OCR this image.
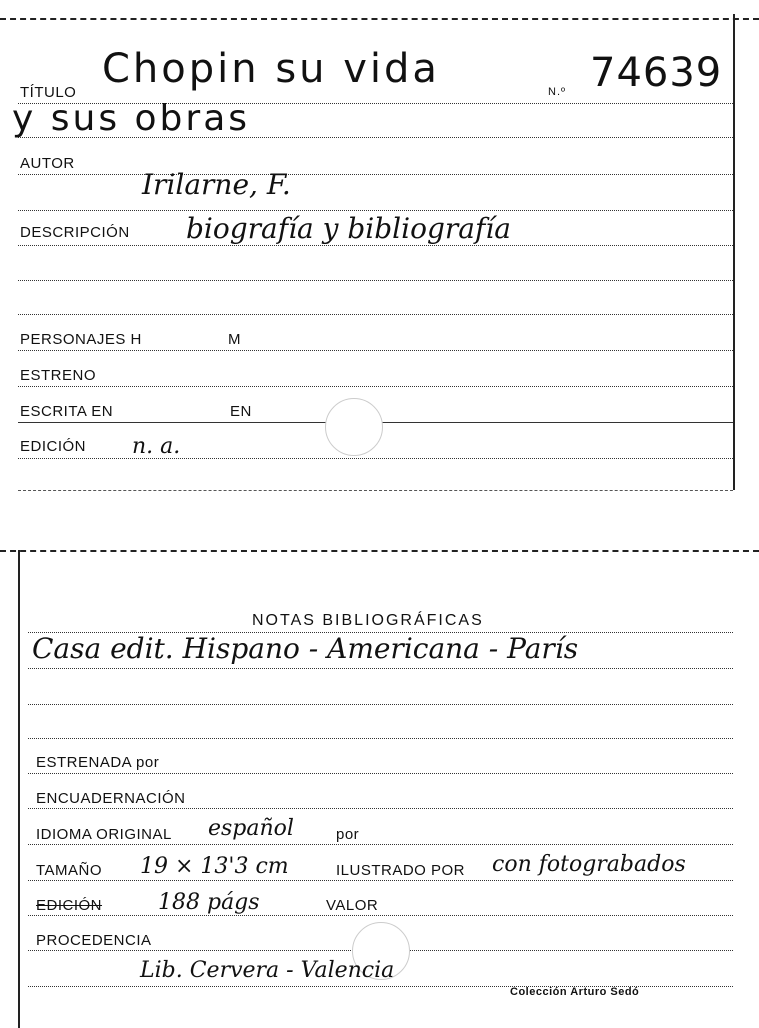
TÍTULO
Chopin su vida	N.º 74639
y sus obras
AUTOR
Irilarne, F.
DESCRIPCIÓN biografía y bibliografía
PERSONAJES H	M
ESTRENO
ESCRITA EN	EN
EDICIÓN n. a.
NOTAS BIBLIOGRÁFICAS
Casa edit. Hispano - Americana - París
ESTRENADA por
ENCUADERNACIÓN
IDIOMA ORIGINAL español	por
TAMAÑO 19 × 13'3 cm	ILUSTRADO POR con fotograbados
EDICIÓN	188 págs	VALOR
PROCEDENCIA
Lib. Cervera - Valencia
Colección Arturo Sedó
